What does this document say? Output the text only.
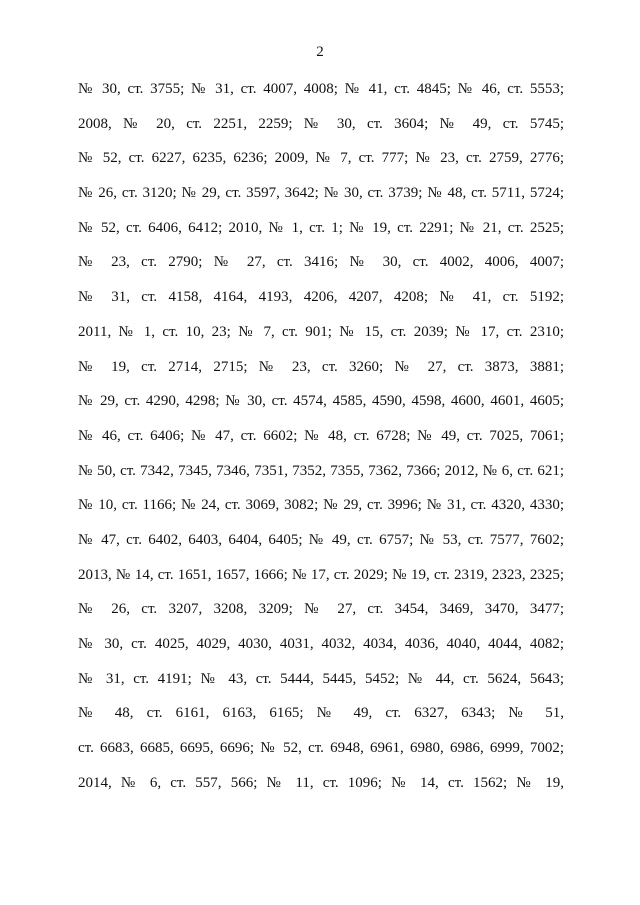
2
№ 30, ст. 3755; № 31, ст. 4007, 4008; № 41, ст. 4845; № 46, ст. 5553;
2008, № 20, ст. 2251, 2259; № 30, ст. 3604; № 49, ст. 5745;
№ 52, ст. 6227, 6235, 6236; 2009, № 7, ст. 777; № 23, ст. 2759, 2776;
№ 26, ст. 3120; № 29, ст. 3597, 3642; № 30, ст. 3739; № 48, ст. 5711, 5724;
№ 52, ст. 6406, 6412; 2010, № 1, ст. 1; № 19, ст. 2291; № 21, ст. 2525;
№ 23, ст. 2790; № 27, ст. 3416; № 30, ст. 4002, 4006, 4007;
№ 31, ст. 4158, 4164, 4193, 4206, 4207, 4208; № 41, ст. 5192;
2011, № 1, ст. 10, 23; № 7, ст. 901; № 15, ст. 2039; № 17, ст. 2310;
№ 19, ст. 2714, 2715; № 23, ст. 3260; № 27, ст. 3873, 3881;
№ 29, ст. 4290, 4298; № 30, ст. 4574, 4585, 4590, 4598, 4600, 4601, 4605;
№ 46, ст. 6406; № 47, ст. 6602; № 48, ст. 6728; № 49, ст. 7025, 7061;
№ 50, ст. 7342, 7345, 7346, 7351, 7352, 7355, 7362, 7366; 2012, № 6, ст. 621;
№ 10, ст. 1166; № 24, ст. 3069, 3082; № 29, ст. 3996; № 31, ст. 4320, 4330;
№ 47, ст. 6402, 6403, 6404, 6405; № 49, ст. 6757; № 53, ст. 7577, 7602;
2013, № 14, ст. 1651, 1657, 1666; № 17, ст. 2029; № 19, ст. 2319, 2323, 2325;
№ 26, ст. 3207, 3208, 3209; № 27, ст. 3454, 3469, 3470, 3477;
№ 30, ст. 4025, 4029, 4030, 4031, 4032, 4034, 4036, 4040, 4044, 4082;
№ 31, ст. 4191; № 43, ст. 5444, 5445, 5452; № 44, ст. 5624, 5643;
№ 48, ст. 6161, 6163, 6165; № 49, ст. 6327, 6343; № 51,
ст. 6683, 6685, 6695, 6696; № 52, ст. 6948, 6961, 6980, 6986, 6999, 7002;
2014, № 6, ст. 557, 566; № 11, ст. 1096; № 14, ст. 1562; № 19,
